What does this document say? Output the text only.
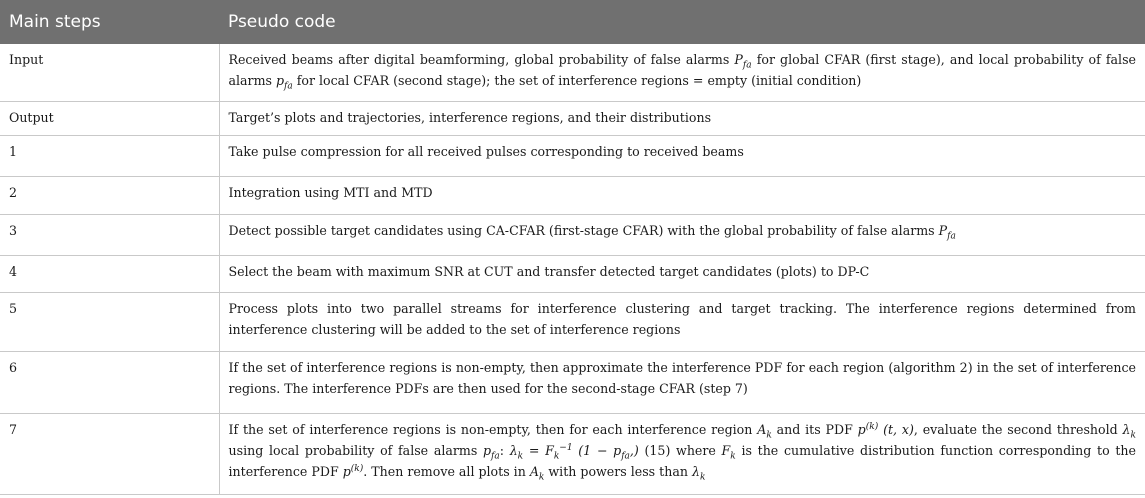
Main steps	Pseudo code
Input	Received beams after digital beamforming, global probability of false alarms $P_{fa}$ for global CFAR (first stage), and local probability of false alarms $p_{fa}$ for local CFAR (second stage); the set of interference regions = empty (initial condition)
Output	Target’s plots and trajectories, interference regions, and their distributions
1	Take pulse compression for all received pulses corresponding to received beams
2	Integration using MTI and MTD
3	Detect possible target candidates using CA-CFAR (first-stage CFAR) with the global probability of false alarms $P_{fa}$
4	Select the beam with maximum SNR at CUT and transfer detected target candidates (plots) to DP-C
5	Process plots into two parallel streams for interference clustering and target tracking. The interference regions determined from interference clustering will be added to the set of interference regions
6	If the set of interference regions is non-empty, then approximate the interference PDF for each region (algorithm 2) in the set of interference regions. The interference PDFs are then used for the second-stage CFAR (step 7)
7	If the set of interference regions is non-empty, then for each interference region $A_k$ and its PDF $p^{(k)}$ (t, x), evaluate the second threshold $\lambda_k$ using local probability of false alarms $p_{fa}$: $\lambda_k = F_k^{-1}$ $(1 - p_{fa},)$ (15) where $F_k$ is the cumulative distribution function corresponding to the interference PDF $p^{(k)}$. Then remove all plots in $A_k$ with powers less than $\lambda_k$
